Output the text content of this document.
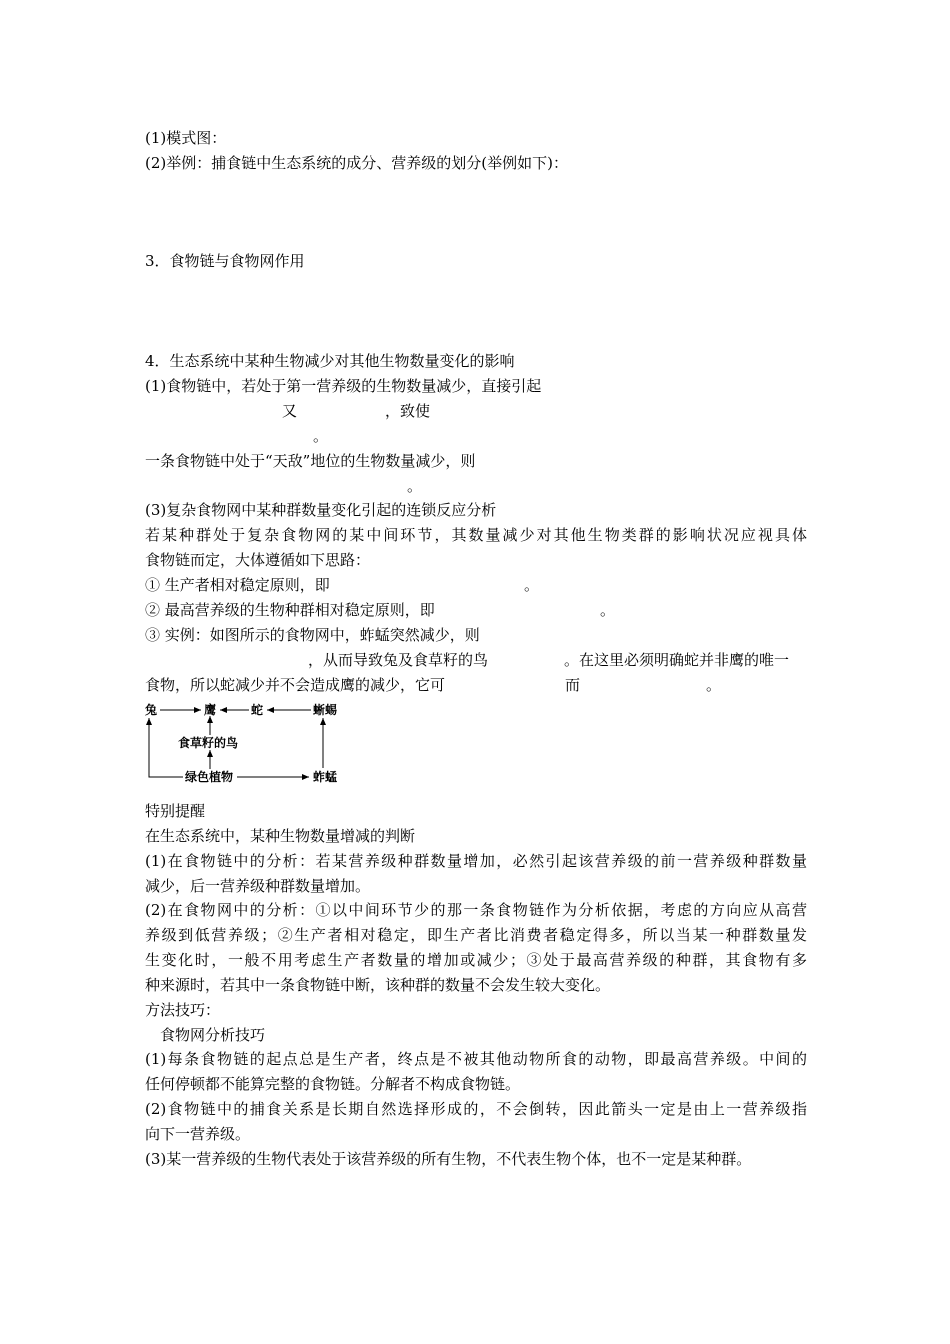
(1)模式图：
(2)举例：捕食链中生态系统的成分、营养级的划分(举例如下)：
3．食物链与食物网作用
4．生态系统中某种生物减少对其他生物数量变化的影响
(1)食物链中，若处于第一营养级的生物数量减少，直接引起
又	，致使
。
一条食物链中处于“天敌”地位的生物数量减少，则
。
(3)复杂食物网中某种群数量变化引起的连锁反应分析
若某种群处于复杂食物网的某中间环节，其数量减少对其他生物类群的影响状况应视具体
食物链而定，大体遵循如下思路：
① 生产者相对稳定原则，即	。
② 最高营养级的生物种群相对稳定原则，即	。
③ 实例：如图所示的食物网中，蚱蜢突然减少，则
，从而导致兔及食草籽的鸟	。在这里必须明确蛇并非鹰的唯一
食物，所以蛇减少并不会造成鹰的减少，它可	而	。
兔	鹰	蛇	蜥蜴
食草籽的鸟
绿色植物	蚱蜢
特别提醒
在生态系统中，某种生物数量增减的判断
(1)在食物链中的分析：若某营养级种群数量增加，必然引起该营养级的前一营养级种群数量
减少，后一营养级种群数量增加。
(2)在食物网中的分析：①以中间环节少的那一条食物链作为分析依据，考虑的方向应从高营
养级到低营养级；②生产者相对稳定，即生产者比消费者稳定得多，所以当某一种群数量发
生变化时，一般不用考虑生产者数量的增加或减少；③处于最高营养级的种群，其食物有多
种来源时，若其中一条食物链中断，该种群的数量不会发生较大变化。
方法技巧：
食物网分析技巧
(1)每条食物链的起点总是生产者，终点是不被其他动物所食的动物，即最高营养级。中间的
任何停顿都不能算完整的食物链。分解者不构成食物链。
(2)食物链中的捕食关系是长期自然选择形成的，不会倒转，因此箭头一定是由上一营养级指
向下一营养级。
(3)某一营养级的生物代表处于该营养级的所有生物，不代表生物个体，也不一定是某种群。
